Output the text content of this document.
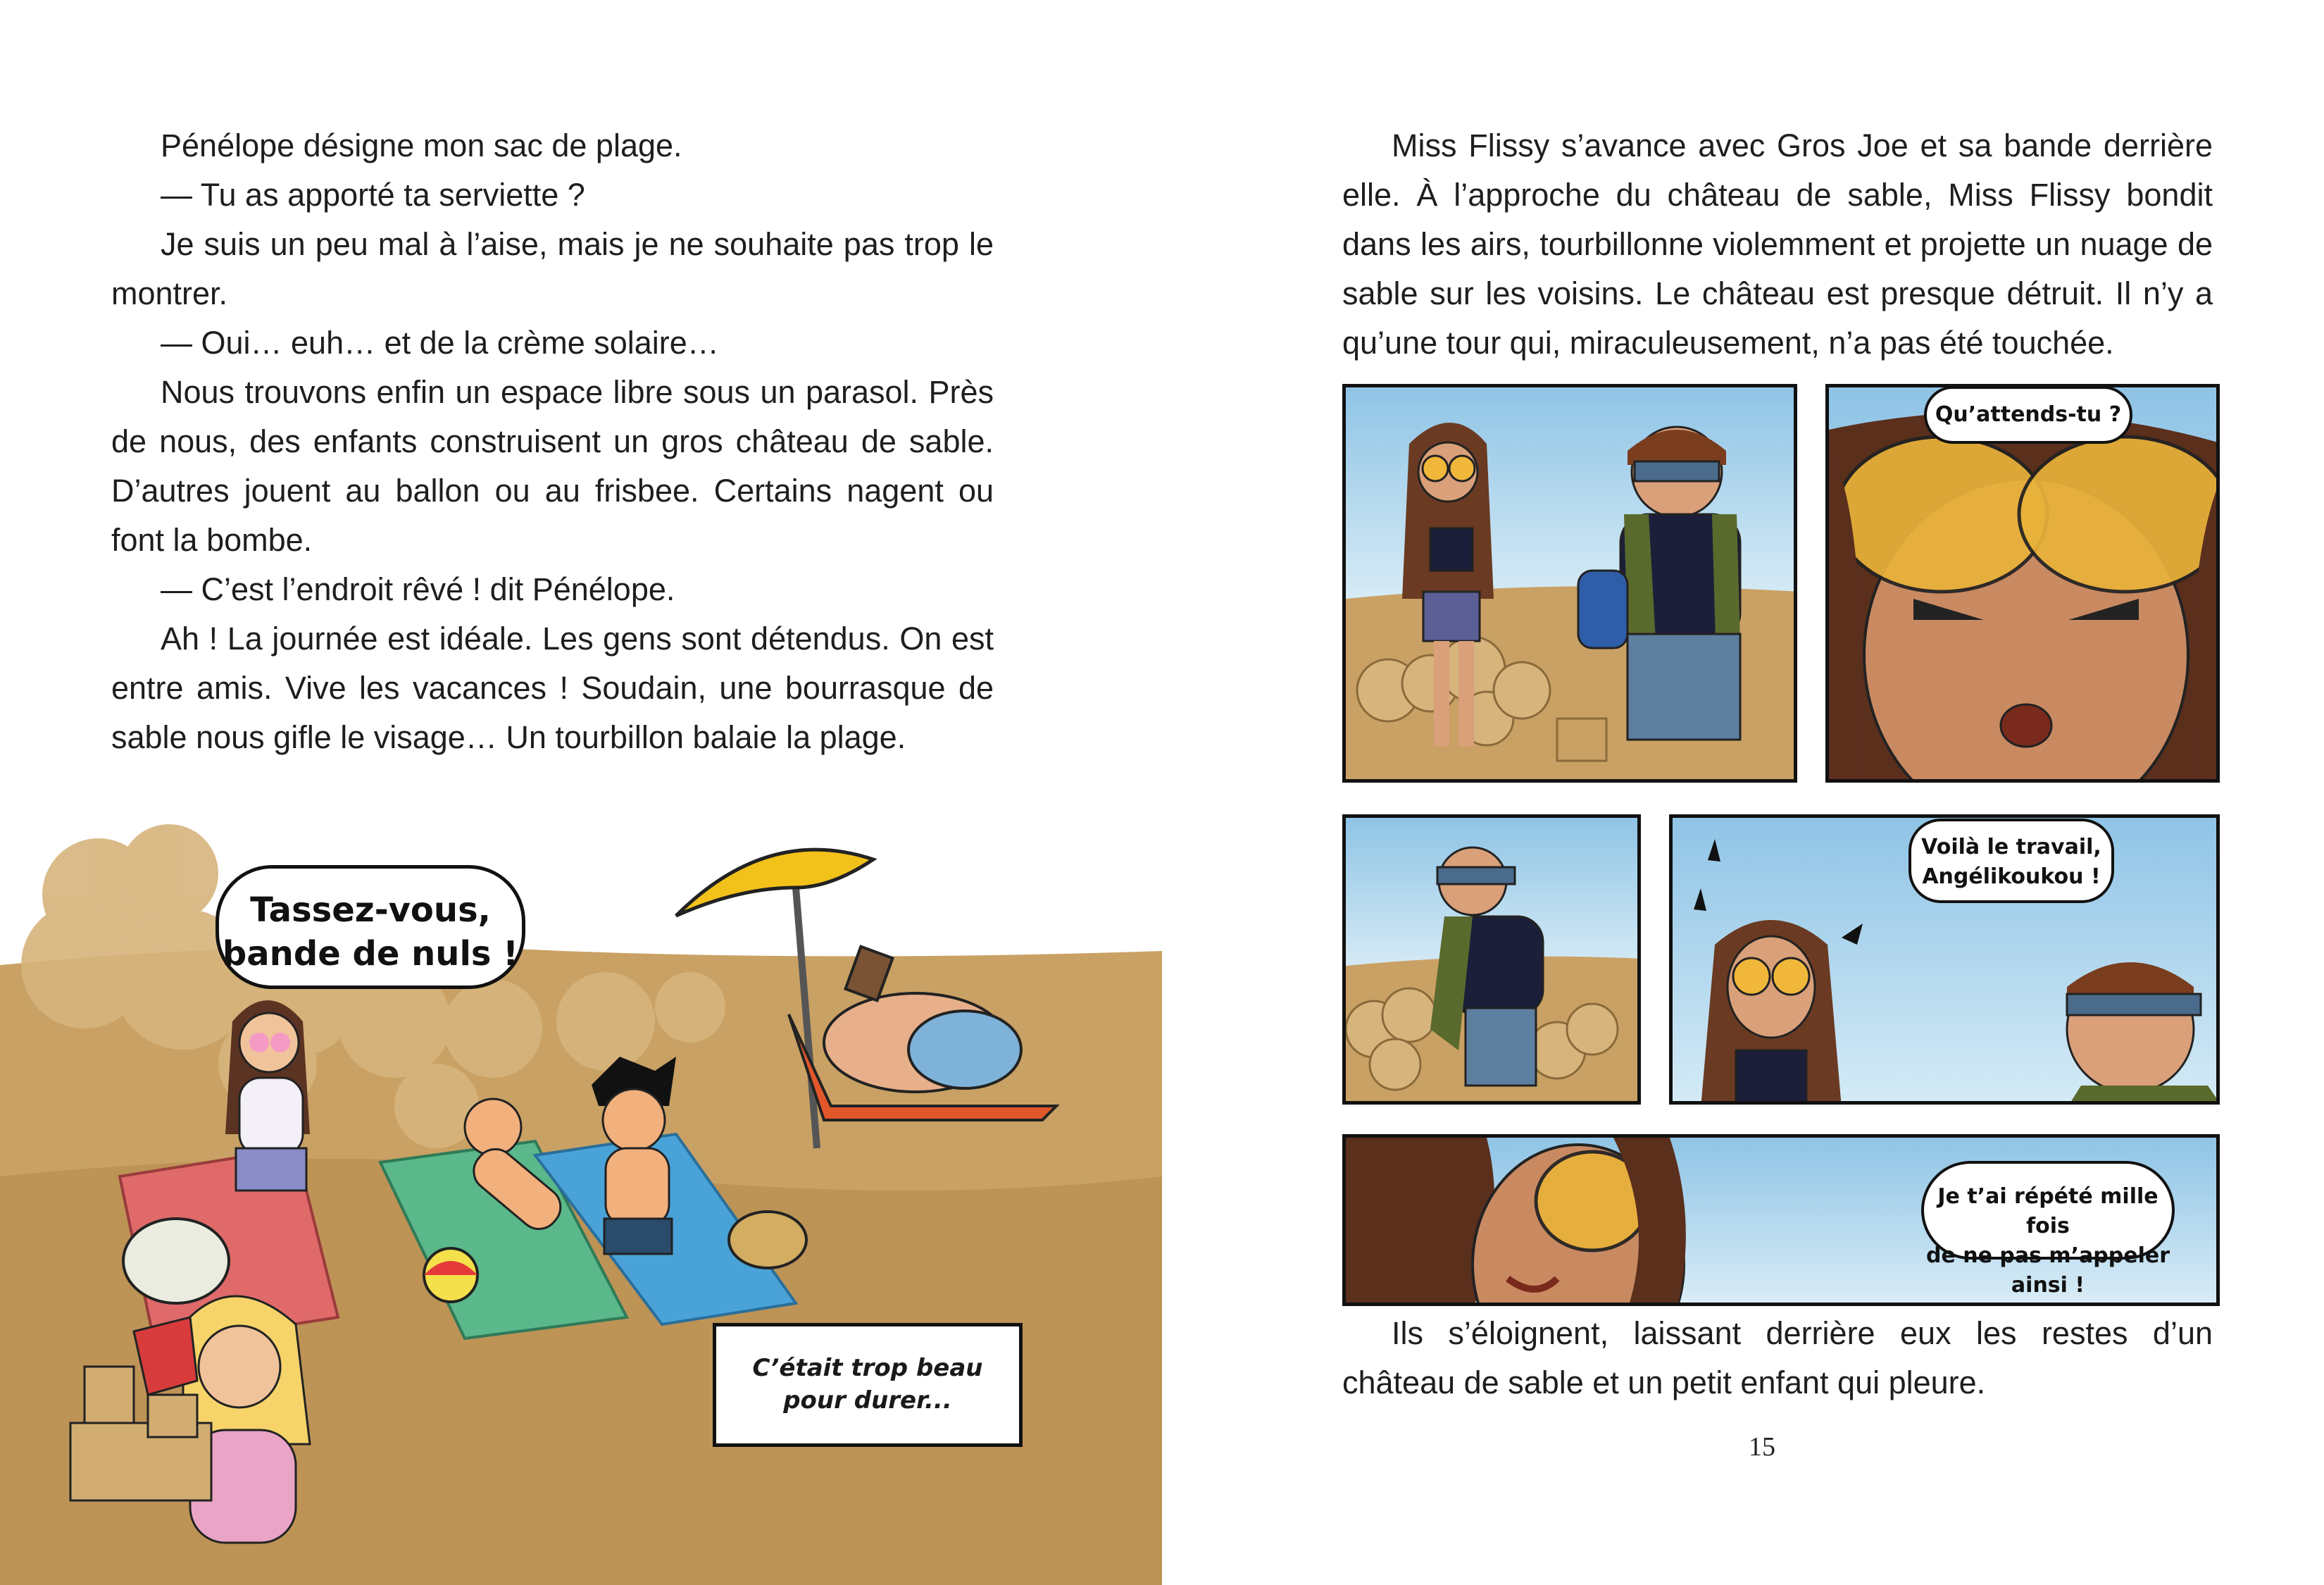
Pénélope désigne mon sac de plage.

— Tu as apporté ta serviette ?

Je suis un peu mal à l’aise, mais je ne souhaite pas trop le montrer.

— Oui… euh… et de la crème solaire…

Nous trouvons enfin un espace libre sous un parasol. Près de nous, des enfants construisent un gros château de sable. D’autres jouent au ballon ou au frisbee. Certains nagent ou font la bombe.

— C’est l’endroit rêvé ! dit Pénélope.

Ah ! La journée est idéale. Les gens sont détendus. On est entre amis. Vive les vacances ! Soudain, une bourrasque de sable nous gifle le visage… Un tourbillon balaie la plage.

Tassez-vous,
bande de nuls !
C’était trop beau
pour durer...

Miss Flissy s’avance avec Gros Joe et sa bande derrière elle. À l’approche du château de sable, Miss Flissy bondit dans les airs, tourbillonne violemment et projette un nuage de sable sur les voisins. Le château est presque détruit. Il n’y a qu’une tour qui, miraculeusement, n’a pas été touchée.

Qu’attends-tu ?
Voilà le travail,
Angélikoukou !
Je t’ai répété mille fois
de ne pas m’appeler ainsi !

Ils s’éloignent, laissant derrière eux les restes d’un château de sable et un petit enfant qui pleure.

15
